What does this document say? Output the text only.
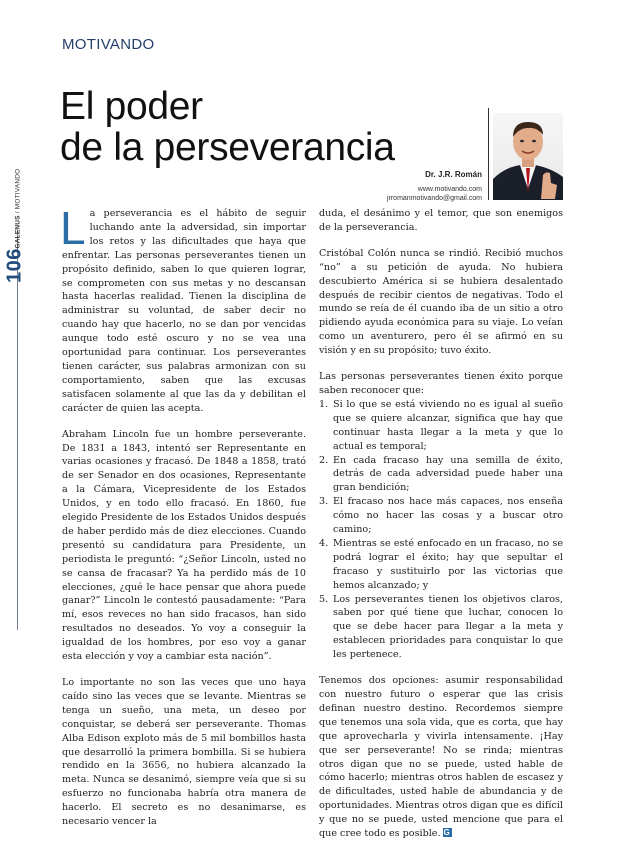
106
GALENUS / MOTIVANDO
MOTIVANDO
El poder
de la perseverancia
Dr. J.R. Román
www.motivando.com
jrromanmotivando@gmail.com

La perseverancia es el hábito de seguir luchando ante la adversidad, sin importar los retos y las dificultades que haya que enfrentar. Las personas perseverantes tienen un propósito definido, saben lo que quieren lograr, se comprometen con sus metas y no descansan hasta hacerlas realidad. Tienen la disciplina de administrar su voluntad, de saber decir no cuando hay que hacerlo, no se dan por vencidas aunque todo esté oscuro y no se vea una oportunidad para continuar. Los perseverantes tienen carácter, sus palabras armonizan con su comportamiento, saben que las excusas satisfacen solamente al que las da y debilitan el carácter de quien las acepta.

Abraham Lincoln fue un hombre perseverante. De 1831 a 1843, intentó ser Representante en varias ocasiones y fracasó. De 1848 a 1858, trató de ser Senador en dos ocasiones, Representante a la Cámara, Vicepresidente de los Estados Unidos, y en todo ello fracasó. En 1860, fue elegido Presidente de los Estados Unidos después de haber perdido más de diez elecciones. Cuando presentó su candidatura para Presidente, un periodista le preguntó: “¿Señor Lincoln, usted no se cansa de fracasar? Ya ha perdido más de 10 elecciones, ¿qué le hace pensar que ahora puede ganar?” Lincoln le contestó pausadamente: “Para mí, esos reveces no han sido fracasos, han sido resultados no deseados. Yo voy a conseguir la igualdad de los hombres, por eso voy a ganar esta elección y voy a cambiar esta nación”.

Lo importante no son las veces que uno haya caído sino las veces que se levante. Mientras se tenga un sueño, una meta, un deseo por conquistar, se deberá ser perseverante. Thomas Alba Edison exploto más de 5 mil bombillos hasta que desarrolló la primera bombilla. Si se hubiera rendido en la 3656, no hubiera alcanzado la meta. Nunca se desanimó, siempre veía que si su esfuerzo no funcionaba habría otra manera de hacerlo. El secreto es no desanimarse, es necesario vencer la

duda, el desánimo y el temor, que son enemigos de la perseverancia.

Cristóbal Colón nunca se rindió. Recibió muchos “no” a su petición de ayuda. No hubiera descubierto América si se hubiera desalentado después de recibir cientos de negativas. Todo el mundo se reía de él cuando iba de un sitio a otro pidiendo ayuda económica para su viaje. Lo veían como un aventurero, pero él se afirmó en su visión y en su propósito; tuvo éxito.

Las personas perseverantes tienen éxito porque saben reconocer que:

1. Si lo que se está viviendo no es igual al sueño que se quiere alcanzar, significa que hay que continuar hasta llegar a la meta y que lo actual es temporal;
2. En cada fracaso hay una semilla de éxito, detrás de cada adversidad puede haber una gran bendición;
3. El fracaso nos hace más capaces, nos enseña cómo no hacer las cosas y a buscar otro camino;
4. Mientras se esté enfocado en un fracaso, no se podrá lograr el éxito; hay que sepultar el fracaso y sustituirlo por las victorias que hemos alcanzado; y
5. Los perseverantes tienen los objetivos claros, saben por qué tiene que luchar, conocen lo que se debe hacer para llegar a la meta y establecen prioridades para conquistar lo que les pertenece.

Tenemos dos opciones: asumir responsabilidad con nuestro futuro o esperar que las crisis definan nuestro destino. Recordemos siempre que tenemos una sola vida, que es corta, que hay que aprovecharla y vivirla intensamente. ¡Hay que ser perseverante! No se rinda; mientras otros digan que no se puede, usted hable de cómo hacerlo; mientras otros hablen de escasez y de dificultades, usted hable de abundancia y de oportunidades. Mientras otros digan que es difícil y que no se puede, usted mencione que para el que cree todo es posible.G
